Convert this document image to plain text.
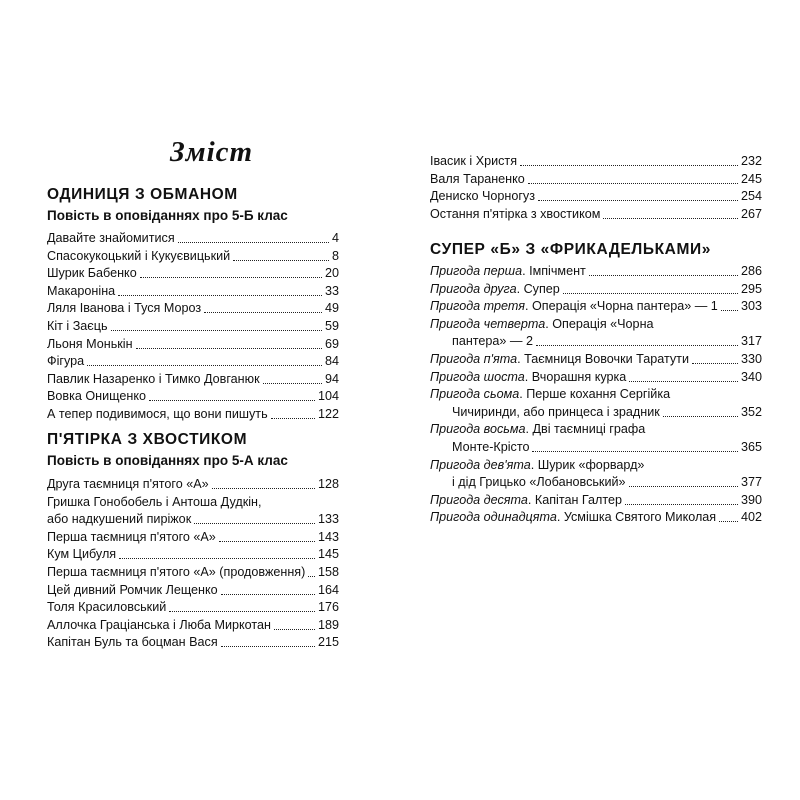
Зміст
ОДИНИЦЯ З ОБМАНОМ
Повість в оповіданнях про 5-Б клас
Давайте знайомитися	4
Спасокукоцький і Кукуєвицький	8
Шурик Бабенко	20
Макароніна	33
Ляля Іванова і Туся Мороз	49
Кіт і Заєць	59
Льоня Монькін	69
Фігура	84
Павлик Назаренко і Тимко Довганюк	94
Вовка Онищенко	104
А тепер подивимося, що вони пишуть	122
П'ЯТІРКА З ХВОСТИКОМ
Повість в оповіданнях про 5-А клас
Друга таємниця п'ятого «А»	128
Гришка Гонобобель і Антоша Дудкін,
або надкушений пиріжок	133
Перша таємниця п'ятого «А»	143
Кум Цибуля	145
Перша таємниця п'ятого «А» (продовження) 158
Цей дивний Ромчик Лещенко	164
Толя Красиловський	176
Аллочка Граціанська і Люба Миркотан	189
Капітан Буль та боцман Вася	215
Івасик і Христя	232
Валя Тараненко	245
Дениско Чорногуз	254
Остання п'ятірка з хвостиком	267
СУПЕР «Б» З «ФРИКАДЕЛЬКАМИ»
Пригода перша. Імпічмент	286
Пригода друга. Супер	295
Пригода третя. Операція «Чорна пантера» — 1 303
Пригода четверта. Операція «Чорна
пантера» — 2	317
Пригода п'ята. Таємниця Вовочки Таратути	330
Пригода шоста. Вчорашня курка	340
Пригода сьома. Перше кохання Сергійка
Чичиринди, або принцеса і зрадник	352
Пригода восьма. Дві таємниці графа
Монте-Крісто	365
Пригода дев'ята. Шурик «форвард»
і дід Грицько «Лобановський»	377
Пригода десята. Капітан Галтер	390
Пригода одинадцята. Усмішка Святого Миколая 402
